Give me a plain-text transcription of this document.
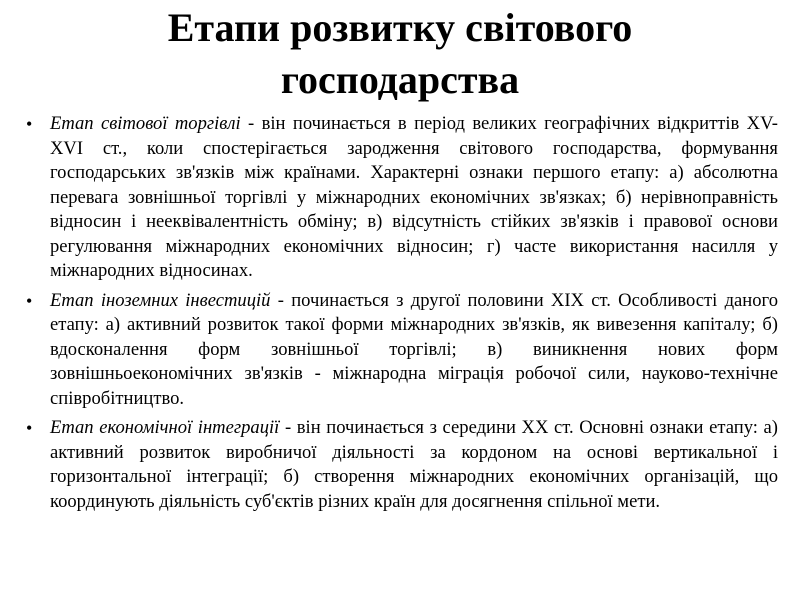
Етапи розвитку світового
господарства
• Етап світової торгівлі - він починається в період великих географічних відкриттів XV-XVI ст., коли спостерігається зародження світового господарства, формування господарських зв'язків між країнами. Характерні ознаки першого етапу: а) абсолютна перевага зовнішньої торгівлі у міжнародних економічних зв'язках; б) нерівноправність відносин і нееквівалентність обміну; в) відсутність стійких зв'язків і правової основи регулювання міжнародних економічних відносин; г) часте використання насилля у міжнародних відносинах.
• Етап іноземних інвестицій - починається з другої половини XIX ст. Особливості даного етапу: а) активний розвиток такої форми міжнародних зв'язків, як вивезення капіталу; б) вдосконалення форм зовнішньої торгівлі; в) виникнення нових форм зовнішньоекономічних зв'язків - міжнародна міграція робочої сили, науково-технічне співробітництво.
• Етап економічної інтеграції - він починається з середини XX ст. Основні ознаки етапу: а) активний розвиток виробничої діяльності за кордоном на основі вертикальної і горизонтальної інтеграції; б) створення міжнародних економічних організацій, що координують діяльність суб'єктів різних країн для досягнення спільної мети.
